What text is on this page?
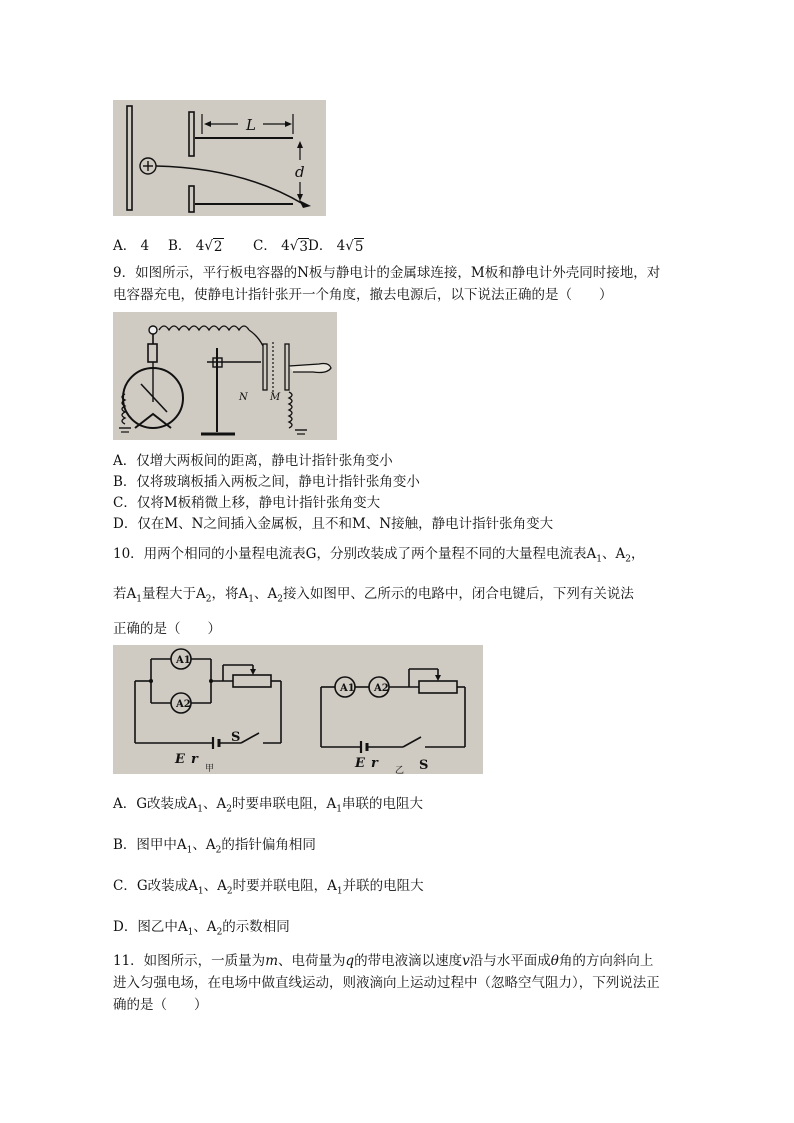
L
d
A． 4 B． 4√ 2 C． 4√ 3 D． 4√ 5
9．如图所示，平行板电容器的N板与静电计的金属球连接，M板和静电计外壳同时接地，对
电容器充电，使静电计指针张开一个角度，撤去电源后，以下说法正确的是（　　）
N M
A．仅增大两板间的距离，静电计指针张角变小
B．仅将玻璃板插入两板之间，静电计指针张角变小
C．仅将M板稍微上移，静电计指针张角变大
D．仅在M、N之间插入金属板，且不和M、N接触，静电计指针张角变大
10．用两个相同的小量程电流表G，分别改装成了两个量程不同的大量程电流表$A_1$、$A_2$，
若$A_1$量程大于$A_2$，将$A_1$、$A_2$接入如图甲、乙所示的电路中，闭合电键后，下列有关说法
正确的是（　　）
A1
A2
E r
S
甲
A1 A2
E r	S
乙
A．G改装成$A_1$、$A_2$时要串联电阻，$A_1$串联的电阻大
B．图甲中$A_1$、$A_2$的指针偏角相同
C．G改装成$A_1$、$A_2$时要并联电阻，$A_1$并联的电阻大
D．图乙中$A_1$、$A_2$的示数相同
11．如图所示，一质量为m、电荷量为q的带电液滴以速度v沿与水平面成θ角的方向斜向上
进入匀强电场，在电场中做直线运动，则液滴向上运动过程中（忽略空气阻力），下列说法正
确的是（　　）
